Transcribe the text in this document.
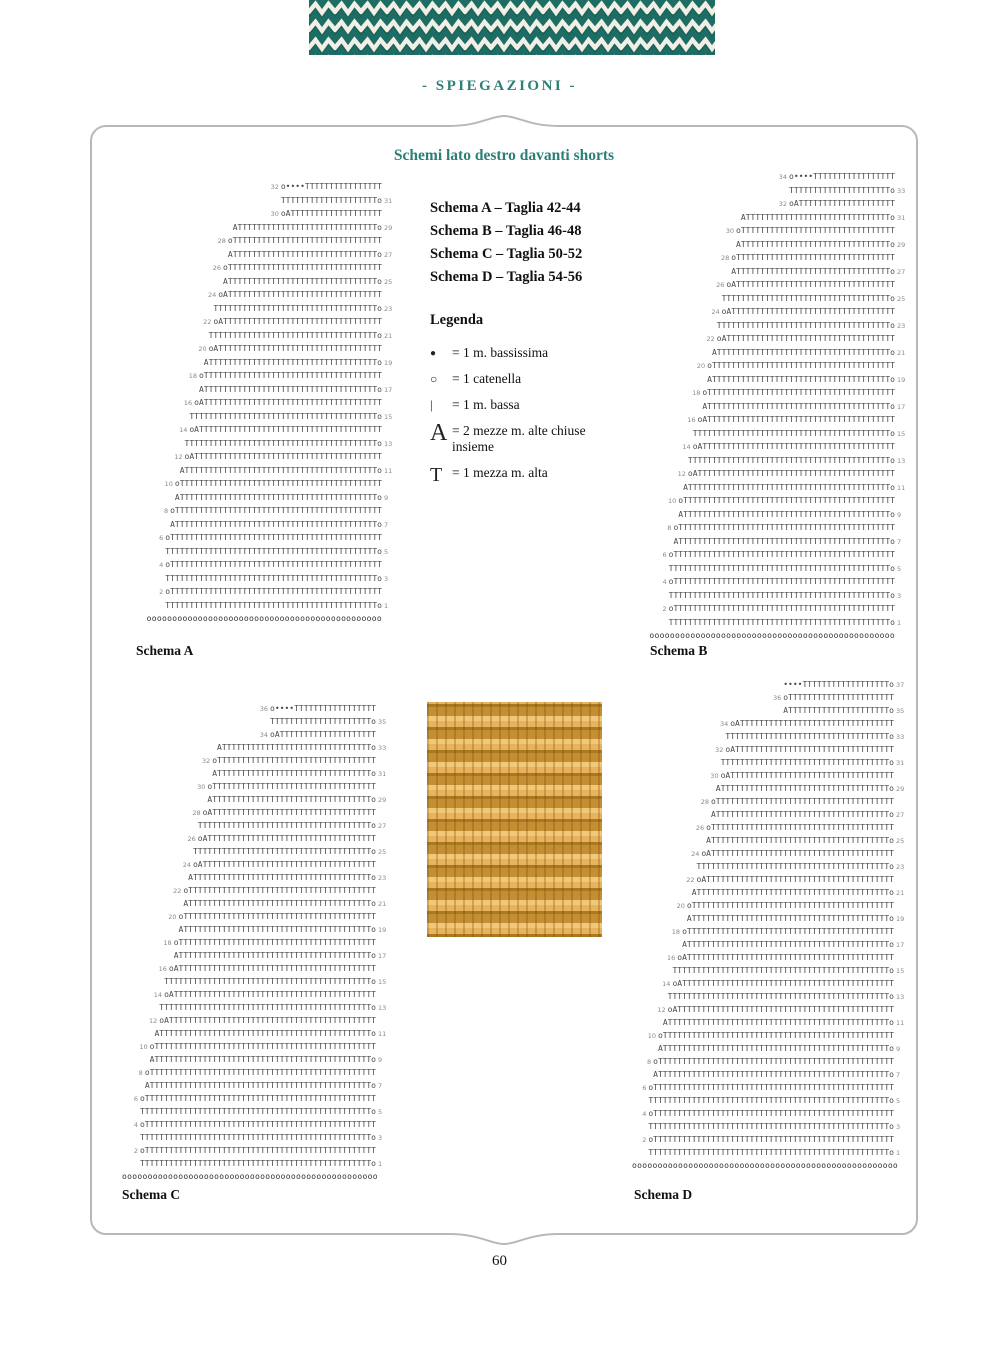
- SPIEGAZIONI -
Schemi lato destro davanti shorts
Schema A – Taglia 42-44
Schema B – Taglia 46-48
Schema C – Taglia 50-52
Schema D – Taglia 54-56
Legenda
●	= 1 m. bassissima
○	= 1 catenella
|	= 1 m. bassa
A = 2 mezze m. alte chiuse insieme
T = 1 mezza m. alta
32 o••••TTTTTTTTTTTTTTTT
TTTTTTTTTTTTTTTTTTTTo 31
30 oATTTTTTTTTTTTTTTTTTT
ATTTTTTTTTTTTTTTTTTTTTTTTTTTTTo 29
28 oTTTTTTTTTTTTTTTTTTTTTTTTTTTTTTT
ATTTTTTTTTTTTTTTTTTTTTTTTTTTTTTo 27
26 oTTTTTTTTTTTTTTTTTTTTTTTTTTTTTTTT
ATTTTTTTTTTTTTTTTTTTTTTTTTTTTTTTo 25
24 oATTTTTTTTTTTTTTTTTTTTTTTTTTTTTTTT
TTTTTTTTTTTTTTTTTTTTTTTTTTTTTTTTTTo 23
22 oATTTTTTTTTTTTTTTTTTTTTTTTTTTTTTTTT
TTTTTTTTTTTTTTTTTTTTTTTTTTTTTTTTTTTo 21
20 oATTTTTTTTTTTTTTTTTTTTTTTTTTTTTTTTTT
ATTTTTTTTTTTTTTTTTTTTTTTTTTTTTTTTTTTo 19
18 oTTTTTTTTTTTTTTTTTTTTTTTTTTTTTTTTTTTTT
ATTTTTTTTTTTTTTTTTTTTTTTTTTTTTTTTTTTTo 17
16 oATTTTTTTTTTTTTTTTTTTTTTTTTTTTTTTTTTTTT
TTTTTTTTTTTTTTTTTTTTTTTTTTTTTTTTTTTTTTTo 15
14 oATTTTTTTTTTTTTTTTTTTTTTTTTTTTTTTTTTTTTT
TTTTTTTTTTTTTTTTTTTTTTTTTTTTTTTTTTTTTTTTo 13
12 oATTTTTTTTTTTTTTTTTTTTTTTTTTTTTTTTTTTTTTT
ATTTTTTTTTTTTTTTTTTTTTTTTTTTTTTTTTTTTTTTTo 11
10 oTTTTTTTTTTTTTTTTTTTTTTTTTTTTTTTTTTTTTTTTTT
ATTTTTTTTTTTTTTTTTTTTTTTTTTTTTTTTTTTTTTTTTo 9
8 oTTTTTTTTTTTTTTTTTTTTTTTTTTTTTTTTTTTTTTTTTTT
ATTTTTTTTTTTTTTTTTTTTTTTTTTTTTTTTTTTTTTTTTTo 7
6 oTTTTTTTTTTTTTTTTTTTTTTTTTTTTTTTTTTTTTTTTTTTT
TTTTTTTTTTTTTTTTTTTTTTTTTTTTTTTTTTTTTTTTTTTTo 5
4 oTTTTTTTTTTTTTTTTTTTTTTTTTTTTTTTTTTTTTTTTTTTT
TTTTTTTTTTTTTTTTTTTTTTTTTTTTTTTTTTTTTTTTTTTTo 3
2 oTTTTTTTTTTTTTTTTTTTTTTTTTTTTTTTTTTTTTTTTTTTT
TTTTTTTTTTTTTTTTTTTTTTTTTTTTTTTTTTTTTTTTTTTTo 1
oooooooooooooooooooooooooooooooooooooooooooooo
34 o••••TTTTTTTTTTTTTTTTT
TTTTTTTTTTTTTTTTTTTTTo 33
32 oATTTTTTTTTTTTTTTTTTTT
ATTTTTTTTTTTTTTTTTTTTTTTTTTTTTTo 31
30 oTTTTTTTTTTTTTTTTTTTTTTTTTTTTTTTT
ATTTTTTTTTTTTTTTTTTTTTTTTTTTTTTTo 29
28 oTTTTTTTTTTTTTTTTTTTTTTTTTTTTTTTTT
ATTTTTTTTTTTTTTTTTTTTTTTTTTTTTTTTo 27
26 oATTTTTTTTTTTTTTTTTTTTTTTTTTTTTTTTT
TTTTTTTTTTTTTTTTTTTTTTTTTTTTTTTTTTTo 25
24 oATTTTTTTTTTTTTTTTTTTTTTTTTTTTTTTTTT
TTTTTTTTTTTTTTTTTTTTTTTTTTTTTTTTTTTTo 23
22 oATTTTTTTTTTTTTTTTTTTTTTTTTTTTTTTTTTT
ATTTTTTTTTTTTTTTTTTTTTTTTTTTTTTTTTTTTo 21
20 oTTTTTTTTTTTTTTTTTTTTTTTTTTTTTTTTTTTTTT
ATTTTTTTTTTTTTTTTTTTTTTTTTTTTTTTTTTTTTo 19
18 oTTTTTTTTTTTTTTTTTTTTTTTTTTTTTTTTTTTTTTT
ATTTTTTTTTTTTTTTTTTTTTTTTTTTTTTTTTTTTTTo 17
16 oATTTTTTTTTTTTTTTTTTTTTTTTTTTTTTTTTTTTTTT
TTTTTTTTTTTTTTTTTTTTTTTTTTTTTTTTTTTTTTTTTo 15
14 oATTTTTTTTTTTTTTTTTTTTTTTTTTTTTTTTTTTTTTTT
TTTTTTTTTTTTTTTTTTTTTTTTTTTTTTTTTTTTTTTTTTo 13
12 oATTTTTTTTTTTTTTTTTTTTTTTTTTTTTTTTTTTTTTTTT
ATTTTTTTTTTTTTTTTTTTTTTTTTTTTTTTTTTTTTTTTTTo 11
10 oTTTTTTTTTTTTTTTTTTTTTTTTTTTTTTTTTTTTTTTTTTTT
ATTTTTTTTTTTTTTTTTTTTTTTTTTTTTTTTTTTTTTTTTTTo 9
8 oTTTTTTTTTTTTTTTTTTTTTTTTTTTTTTTTTTTTTTTTTTTTT
ATTTTTTTTTTTTTTTTTTTTTTTTTTTTTTTTTTTTTTTTTTTTo 7
6 oTTTTTTTTTTTTTTTTTTTTTTTTTTTTTTTTTTTTTTTTTTTTTT
TTTTTTTTTTTTTTTTTTTTTTTTTTTTTTTTTTTTTTTTTTTTTTo 5
4 oTTTTTTTTTTTTTTTTTTTTTTTTTTTTTTTTTTTTTTTTTTTTTT
TTTTTTTTTTTTTTTTTTTTTTTTTTTTTTTTTTTTTTTTTTTTTTo 3
2 oTTTTTTTTTTTTTTTTTTTTTTTTTTTTTTTTTTTTTTTTTTTTTT
TTTTTTTTTTTTTTTTTTTTTTTTTTTTTTTTTTTTTTTTTTTTTTo 1
oooooooooooooooooooooooooooooooooooooooooooooooo
36 o••••TTTTTTTTTTTTTTTTT
TTTTTTTTTTTTTTTTTTTTTo 35
34 oATTTTTTTTTTTTTTTTTTTT
ATTTTTTTTTTTTTTTTTTTTTTTTTTTTTTTo 33
32 oTTTTTTTTTTTTTTTTTTTTTTTTTTTTTTTTT
ATTTTTTTTTTTTTTTTTTTTTTTTTTTTTTTTo 31
30 oTTTTTTTTTTTTTTTTTTTTTTTTTTTTTTTTTT
ATTTTTTTTTTTTTTTTTTTTTTTTTTTTTTTTTo 29
28 oATTTTTTTTTTTTTTTTTTTTTTTTTTTTTTTTTT
TTTTTTTTTTTTTTTTTTTTTTTTTTTTTTTTTTTTo 27
26 oATTTTTTTTTTTTTTTTTTTTTTTTTTTTTTTTTTT
TTTTTTTTTTTTTTTTTTTTTTTTTTTTTTTTTTTTTo 25
24 oATTTTTTTTTTTTTTTTTTTTTTTTTTTTTTTTTTTT
ATTTTTTTTTTTTTTTTTTTTTTTTTTTTTTTTTTTTTo 23
22 oTTTTTTTTTTTTTTTTTTTTTTTTTTTTTTTTTTTTTTT
ATTTTTTTTTTTTTTTTTTTTTTTTTTTTTTTTTTTTTTo 21
20 oTTTTTTTTTTTTTTTTTTTTTTTTTTTTTTTTTTTTTTTT
ATTTTTTTTTTTTTTTTTTTTTTTTTTTTTTTTTTTTTTTo 19
18 oTTTTTTTTTTTTTTTTTTTTTTTTTTTTTTTTTTTTTTTTT
ATTTTTTTTTTTTTTTTTTTTTTTTTTTTTTTTTTTTTTTTo 17
16 oATTTTTTTTTTTTTTTTTTTTTTTTTTTTTTTTTTTTTTTTT
TTTTTTTTTTTTTTTTTTTTTTTTTTTTTTTTTTTTTTTTTTTo 15
14 oATTTTTTTTTTTTTTTTTTTTTTTTTTTTTTTTTTTTTTTTTT
TTTTTTTTTTTTTTTTTTTTTTTTTTTTTTTTTTTTTTTTTTTTo 13
12 oATTTTTTTTTTTTTTTTTTTTTTTTTTTTTTTTTTTTTTTTTTT
ATTTTTTTTTTTTTTTTTTTTTTTTTTTTTTTTTTTTTTTTTTTTo 11
10 oTTTTTTTTTTTTTTTTTTTTTTTTTTTTTTTTTTTTTTTTTTTTTT
ATTTTTTTTTTTTTTTTTTTTTTTTTTTTTTTTTTTTTTTTTTTTTo 9
8 oTTTTTTTTTTTTTTTTTTTTTTTTTTTTTTTTTTTTTTTTTTTTTTT
ATTTTTTTTTTTTTTTTTTTTTTTTTTTTTTTTTTTTTTTTTTTTTTo 7
6 oTTTTTTTTTTTTTTTTTTTTTTTTTTTTTTTTTTTTTTTTTTTTTTTT
TTTTTTTTTTTTTTTTTTTTTTTTTTTTTTTTTTTTTTTTTTTTTTTTo 5
4 oTTTTTTTTTTTTTTTTTTTTTTTTTTTTTTTTTTTTTTTTTTTTTTTT
TTTTTTTTTTTTTTTTTTTTTTTTTTTTTTTTTTTTTTTTTTTTTTTTo 3
2 oTTTTTTTTTTTTTTTTTTTTTTTTTTTTTTTTTTTTTTTTTTTTTTTT
TTTTTTTTTTTTTTTTTTTTTTTTTTTTTTTTTTTTTTTTTTTTTTTTo 1
oooooooooooooooooooooooooooooooooooooooooooooooooo
••••TTTTTTTTTTTTTTTTTTo 37
36 oTTTTTTTTTTTTTTTTTTTTTT
ATTTTTTTTTTTTTTTTTTTTTo 35
34 oATTTTTTTTTTTTTTTTTTTTTTTTTTTTTTTT
TTTTTTTTTTTTTTTTTTTTTTTTTTTTTTTTTTo 33
32 oATTTTTTTTTTTTTTTTTTTTTTTTTTTTTTTTT
TTTTTTTTTTTTTTTTTTTTTTTTTTTTTTTTTTTo 31
30 oATTTTTTTTTTTTTTTTTTTTTTTTTTTTTTTTTT
ATTTTTTTTTTTTTTTTTTTTTTTTTTTTTTTTTTTo 29
28 oTTTTTTTTTTTTTTTTTTTTTTTTTTTTTTTTTTTTT
ATTTTTTTTTTTTTTTTTTTTTTTTTTTTTTTTTTTTo 27
26 oTTTTTTTTTTTTTTTTTTTTTTTTTTTTTTTTTTTTTT
ATTTTTTTTTTTTTTTTTTTTTTTTTTTTTTTTTTTTTo 25
24 oATTTTTTTTTTTTTTTTTTTTTTTTTTTTTTTTTTTTTT
TTTTTTTTTTTTTTTTTTTTTTTTTTTTTTTTTTTTTTTTo 23
22 oATTTTTTTTTTTTTTTTTTTTTTTTTTTTTTTTTTTTTTT
ATTTTTTTTTTTTTTTTTTTTTTTTTTTTTTTTTTTTTTTTo 21
20 oTTTTTTTTTTTTTTTTTTTTTTTTTTTTTTTTTTTTTTTTTT
ATTTTTTTTTTTTTTTTTTTTTTTTTTTTTTTTTTTTTTTTTo 19
18 oTTTTTTTTTTTTTTTTTTTTTTTTTTTTTTTTTTTTTTTTTTT
ATTTTTTTTTTTTTTTTTTTTTTTTTTTTTTTTTTTTTTTTTTo 17
16 oATTTTTTTTTTTTTTTTTTTTTTTTTTTTTTTTTTTTTTTTTTT
TTTTTTTTTTTTTTTTTTTTTTTTTTTTTTTTTTTTTTTTTTTTTo 15
14 oATTTTTTTTTTTTTTTTTTTTTTTTTTTTTTTTTTTTTTTTTTTT
TTTTTTTTTTTTTTTTTTTTTTTTTTTTTTTTTTTTTTTTTTTTTTo 13
12 oATTTTTTTTTTTTTTTTTTTTTTTTTTTTTTTTTTTTTTTTTTTTT
ATTTTTTTTTTTTTTTTTTTTTTTTTTTTTTTTTTTTTTTTTTTTTTo 11
10 oTTTTTTTTTTTTTTTTTTTTTTTTTTTTTTTTTTTTTTTTTTTTTTTT
ATTTTTTTTTTTTTTTTTTTTTTTTTTTTTTTTTTTTTTTTTTTTTTTo 9
8 oTTTTTTTTTTTTTTTTTTTTTTTTTTTTTTTTTTTTTTTTTTTTTTTTT
ATTTTTTTTTTTTTTTTTTTTTTTTTTTTTTTTTTTTTTTTTTTTTTTTo 7
6 oTTTTTTTTTTTTTTTTTTTTTTTTTTTTTTTTTTTTTTTTTTTTTTTTTT
TTTTTTTTTTTTTTTTTTTTTTTTTTTTTTTTTTTTTTTTTTTTTTTTTTo 5
4 oTTTTTTTTTTTTTTTTTTTTTTTTTTTTTTTTTTTTTTTTTTTTTTTTTT
TTTTTTTTTTTTTTTTTTTTTTTTTTTTTTTTTTTTTTTTTTTTTTTTTTo 3
2 oTTTTTTTTTTTTTTTTTTTTTTTTTTTTTTTTTTTTTTTTTTTTTTTTTT
TTTTTTTTTTTTTTTTTTTTTTTTTTTTTTTTTTTTTTTTTTTTTTTTTTo 1
oooooooooooooooooooooooooooooooooooooooooooooooooooo
Schema A	Schema B
Schema C	Schema D
60
